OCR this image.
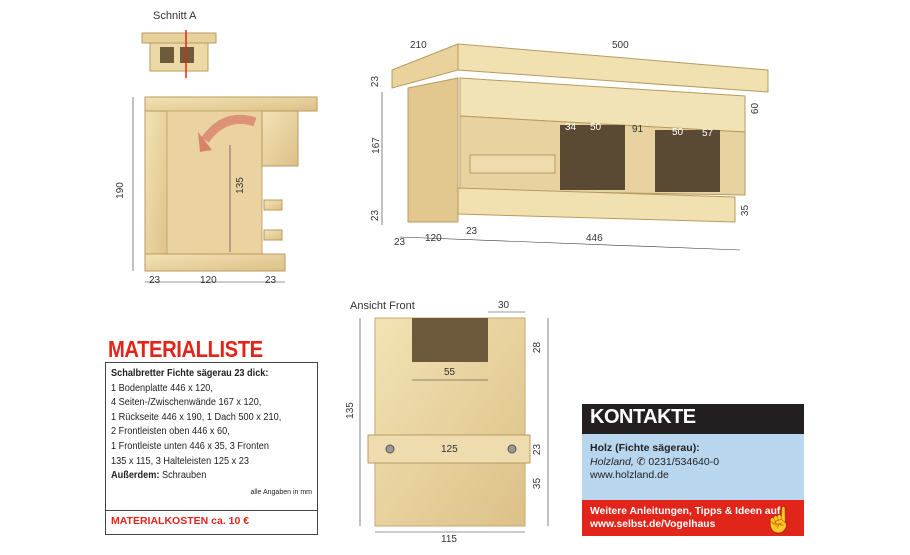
Schnitt A
190	135
23	120	23
210	500
23
167
23
60
35
23 120
23
446
34 50	91	50 57
Ansicht Front	30
28
55
135
125	23
35
115
MATERIALLISTE
Schalbretter Fichte sägerau 23 dick:
1 Bodenplatte 446 x 120,
4 Seiten-/Zwischenwände 167 x 120,
1 Rückseite 446 x 190, 1 Dach 500 x 210,
2 Frontleisten oben 446 x 60,
1 Frontleiste unten 446 x 35, 3 Fronten
135 x 115, 3 Halteleisten 125 x 23
Außerdem: Schrauben
alle Angaben in mm
MATERIALKOSTEN ca. 10 €
KONTAKTE
Holz (Fichte sägerau):
Holzland, ✆ 0231/534640-0
www.holzland.de
Weitere Anleitungen, Tipps & Ideen auf
www.selbst.de/Vogelhaus	☝
